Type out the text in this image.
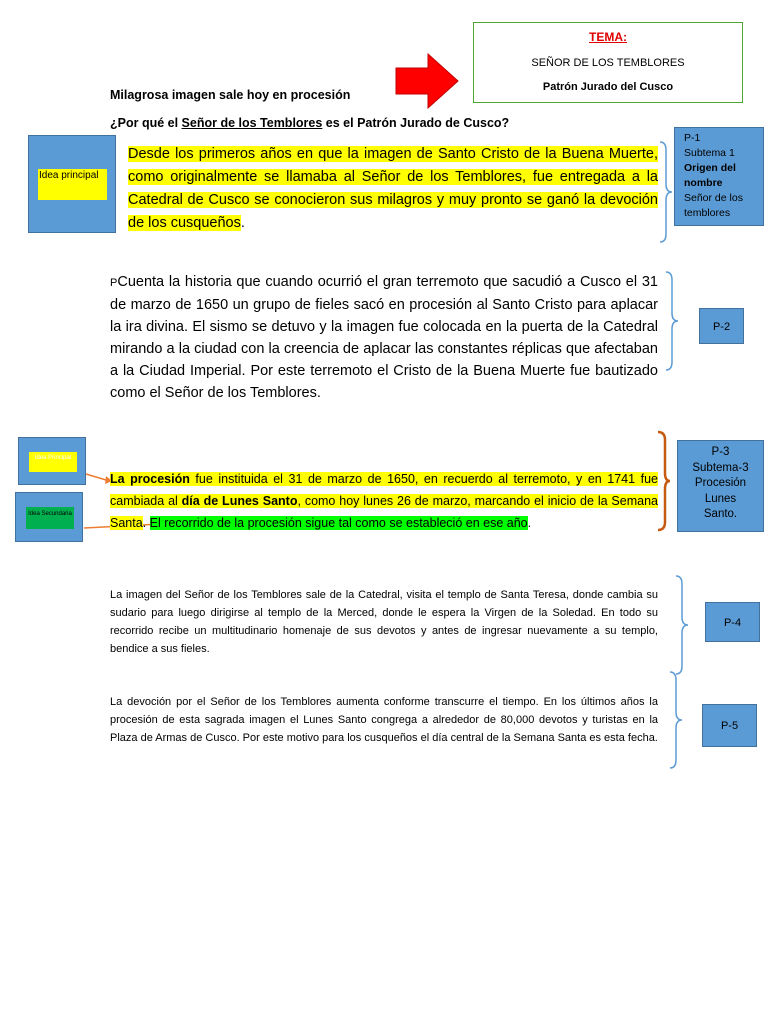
TEMA:
SEÑOR DE LOS TEMBLORES
Patrón Jurado del Cusco
Milagrosa imagen sale hoy en procesión
¿Por qué el Señor de los Temblores es el Patrón Jurado de Cusco?
Idea principal
Desde los primeros años en que la imagen de Santo Cristo de la Buena Muerte, como originalmente se llamaba al Señor de los Temblores, fue entregada a la Catedral de Cusco se conocieron sus milagros y muy pronto se ganó la devoción de los cusqueños.
P-1
Subtema 1
Origen del nombre
Señor de los temblores
PCuenta la historia que cuando ocurrió el gran terremoto que sacudió a Cusco el 31 de marzo de 1650 un grupo de fieles sacó en procesión al Santo Cristo para aplacar la ira divina. El sismo se detuvo y la imagen fue colocada en la puerta de la Catedral mirando a la ciudad con la creencia de aplacar las constantes réplicas que afectaban a la Ciudad Imperial. Por este terremoto el Cristo de la Buena Muerte fue bautizado como el Señor de los Temblores.
P-2
Idea Principal
Idea Secundaria
La procesión fue instituida el 31 de marzo de 1650, en recuerdo al terremoto, y en 1741 fue cambiada al día de Lunes Santo, como hoy lunes 26 de marzo, marcando el inicio de la Semana Santa. El recorrido de la procesión sigue tal como se estableció en ese año.
P-3
Subtema-3
Procesión
Lunes
Santo.
La imagen del Señor de los Temblores sale de la Catedral, visita el templo de Santa Teresa, donde cambia su sudario para luego dirigirse al templo de la Merced, donde le espera la Virgen de la Soledad. En todo su recorrido recibe un multitudinario homenaje de sus devotos y antes de ingresar nuevamente a su templo, bendice a sus fieles.
P-4
La devoción por el Señor de los Temblores aumenta conforme transcurre el tiempo. En los últimos años la procesión de esta sagrada imagen el Lunes Santo congrega a alrededor de 80,000 devotos y turistas en la Plaza de Armas de Cusco. Por este motivo para los cusqueños el día central de la Semana Santa es esta fecha.
P-5
